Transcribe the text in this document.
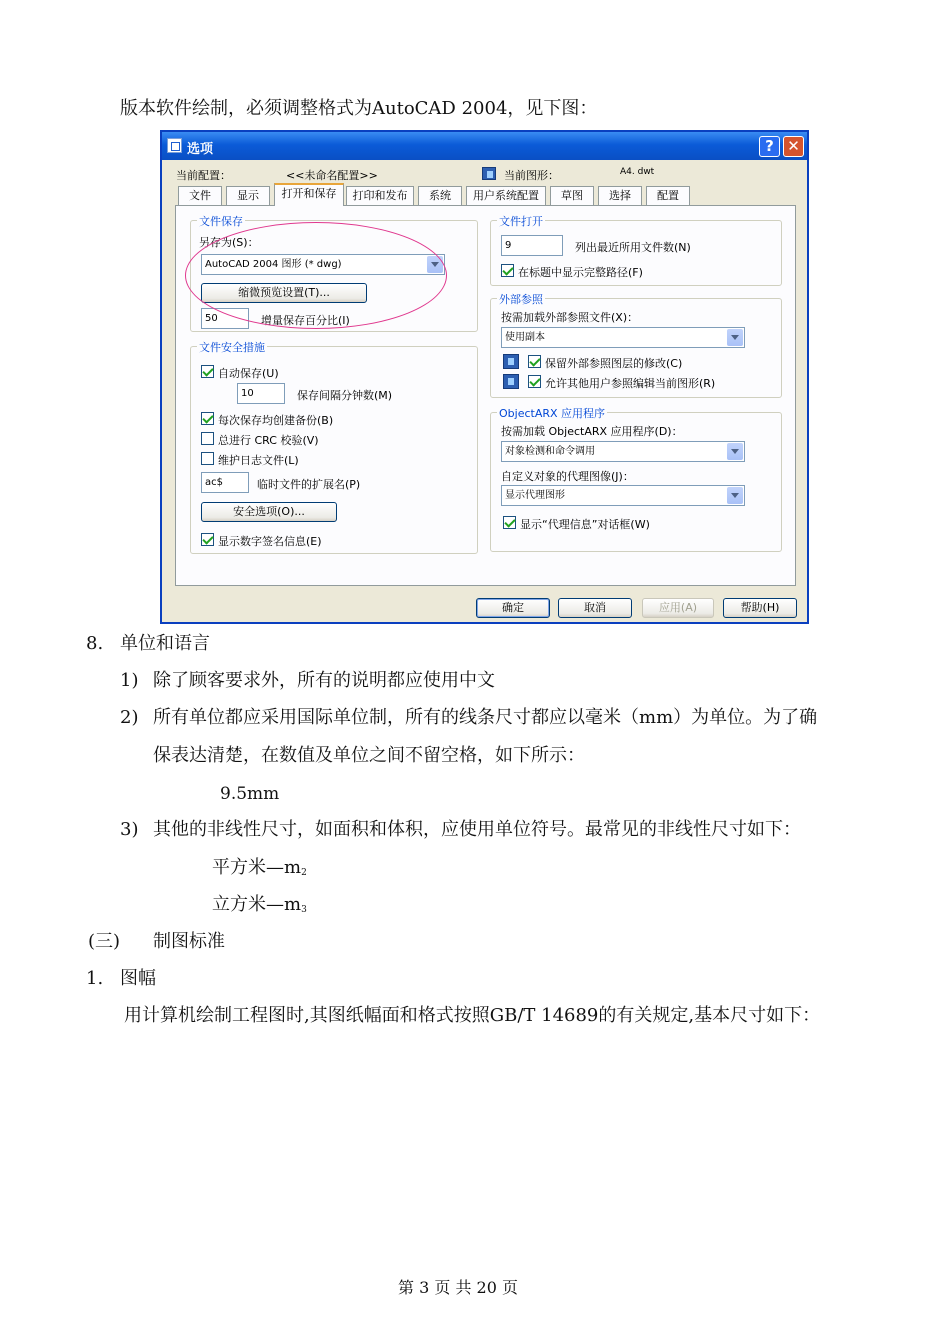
版本软件绘制，必须调整格式为AutoCAD 2004，见下图：
选项	? ✕
当前配置：	<<未命名配置>>	当前图形：	A4. dwt
文件	显示	打开和保存	打印和发布	系统	用户系统配置	草图	选择	配置
文件保存
另存为(S)：
AutoCAD 2004 图形 (* dwg)
缩微预览设置(T)...
50	增量保存百分比(I)
文件安全措施
自动保存(U)
10	保存间隔分钟数(M)
每次保存均创建备份(B)
总进行 CRC 校验(V)
维护日志文件(L)
ac$	临时文件的扩展名(P)
安全选项(O)...
显示数字签名信息(E)
文件打开
9	列出最近所用文件数(N)
在标题中显示完整路径(F)
外部参照
按需加载外部参照文件(X)：
使用副本
保留外部参照图层的修改(C)
允许其他用户参照编辑当前图形(R)
ObjectARX 应用程序
按需加载 ObjectARX 应用程序(D)：
对象检测和命令调用
自定义对象的代理图像(J)：
显示代理图形
显示“代理信息”对话框(W)
确定	取消	应用(A)	帮助(H)
8. 单位和语言
1) 除了顾客要求外，所有的说明都应使用中文
2) 所有单位都应采用国际单位制，所有的线条尺寸都应以毫米（mm）为单位。为了确
保表达清楚，在数值及单位之间不留空格，如下所示：
9.5mm
3) 其他的非线性尺寸，如面积和体积，应使用单位符号。最常见的非线性尺寸如下：
平方米$—m_2$
立方米$—m_3$
(三) 制图标准
1. 图幅
用计算机绘制工程图时,其图纸幅面和格式按照GB/T 14689的有关规定,基本尺寸如下：
第 3 页 共 20 页
